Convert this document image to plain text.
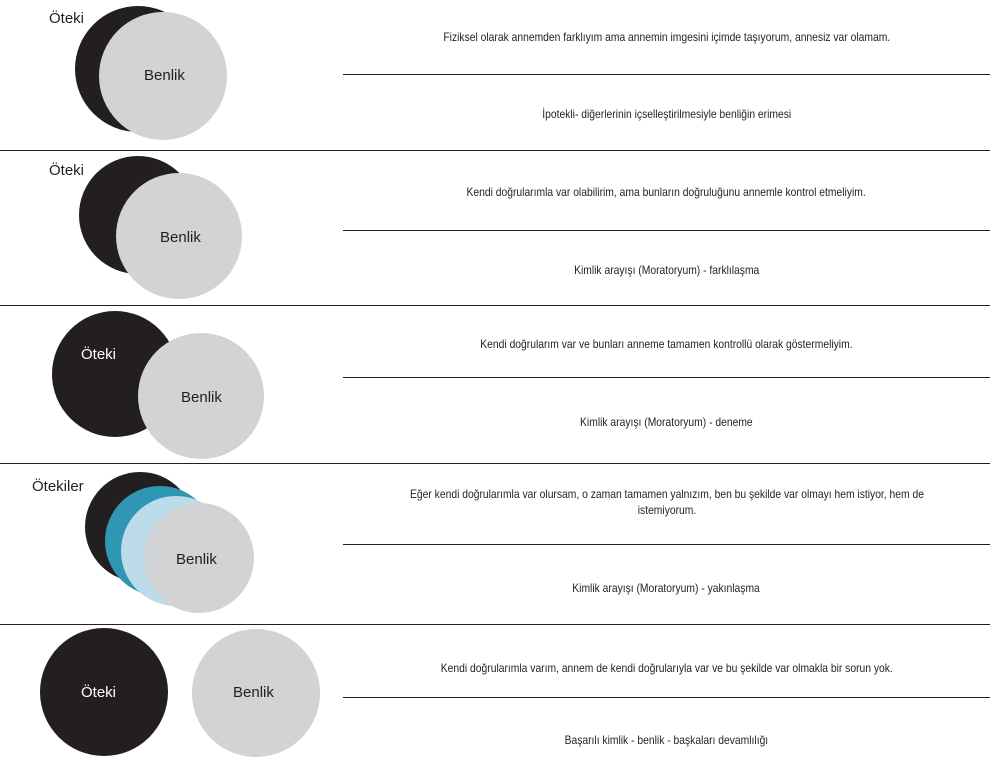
Öteki
Benlik
Fiziksel olarak annemden farklıyım ama annemin imgesini içimde taşıyorum, annesiz var olamam.
İpotekli- diğerlerinin içselleştirilmesiyle benliğin erimesi
Öteki
Benlik
Kendi doğrularımla var olabilirim, ama bunların doğruluğunu annemle kontrol etmeliyim.
Kimlik arayışı (Moratoryum) - farklılaşma
Öteki
Benlik
Kendi doğrularım var ve bunları anneme tamamen kontrollü olarak göstermeliyim.
Kimlik arayışı (Moratoryum) - deneme
Ötekiler
Benlik
Eğer kendi doğrularımla var olursam, o zaman tamamen yalnızım, ben bu şekilde var olmayı hem istiyor, hem de istemiyorum.
Kimlik arayışı (Moratoryum) - yakınlaşma
Öteki	Benlik
Kendi doğrularımla varım, annem de kendi doğrularıyla var ve bu şekilde var olmakla bir sorun yok.
Başarılı kimlik - benlik - başkaları devamlılığı
